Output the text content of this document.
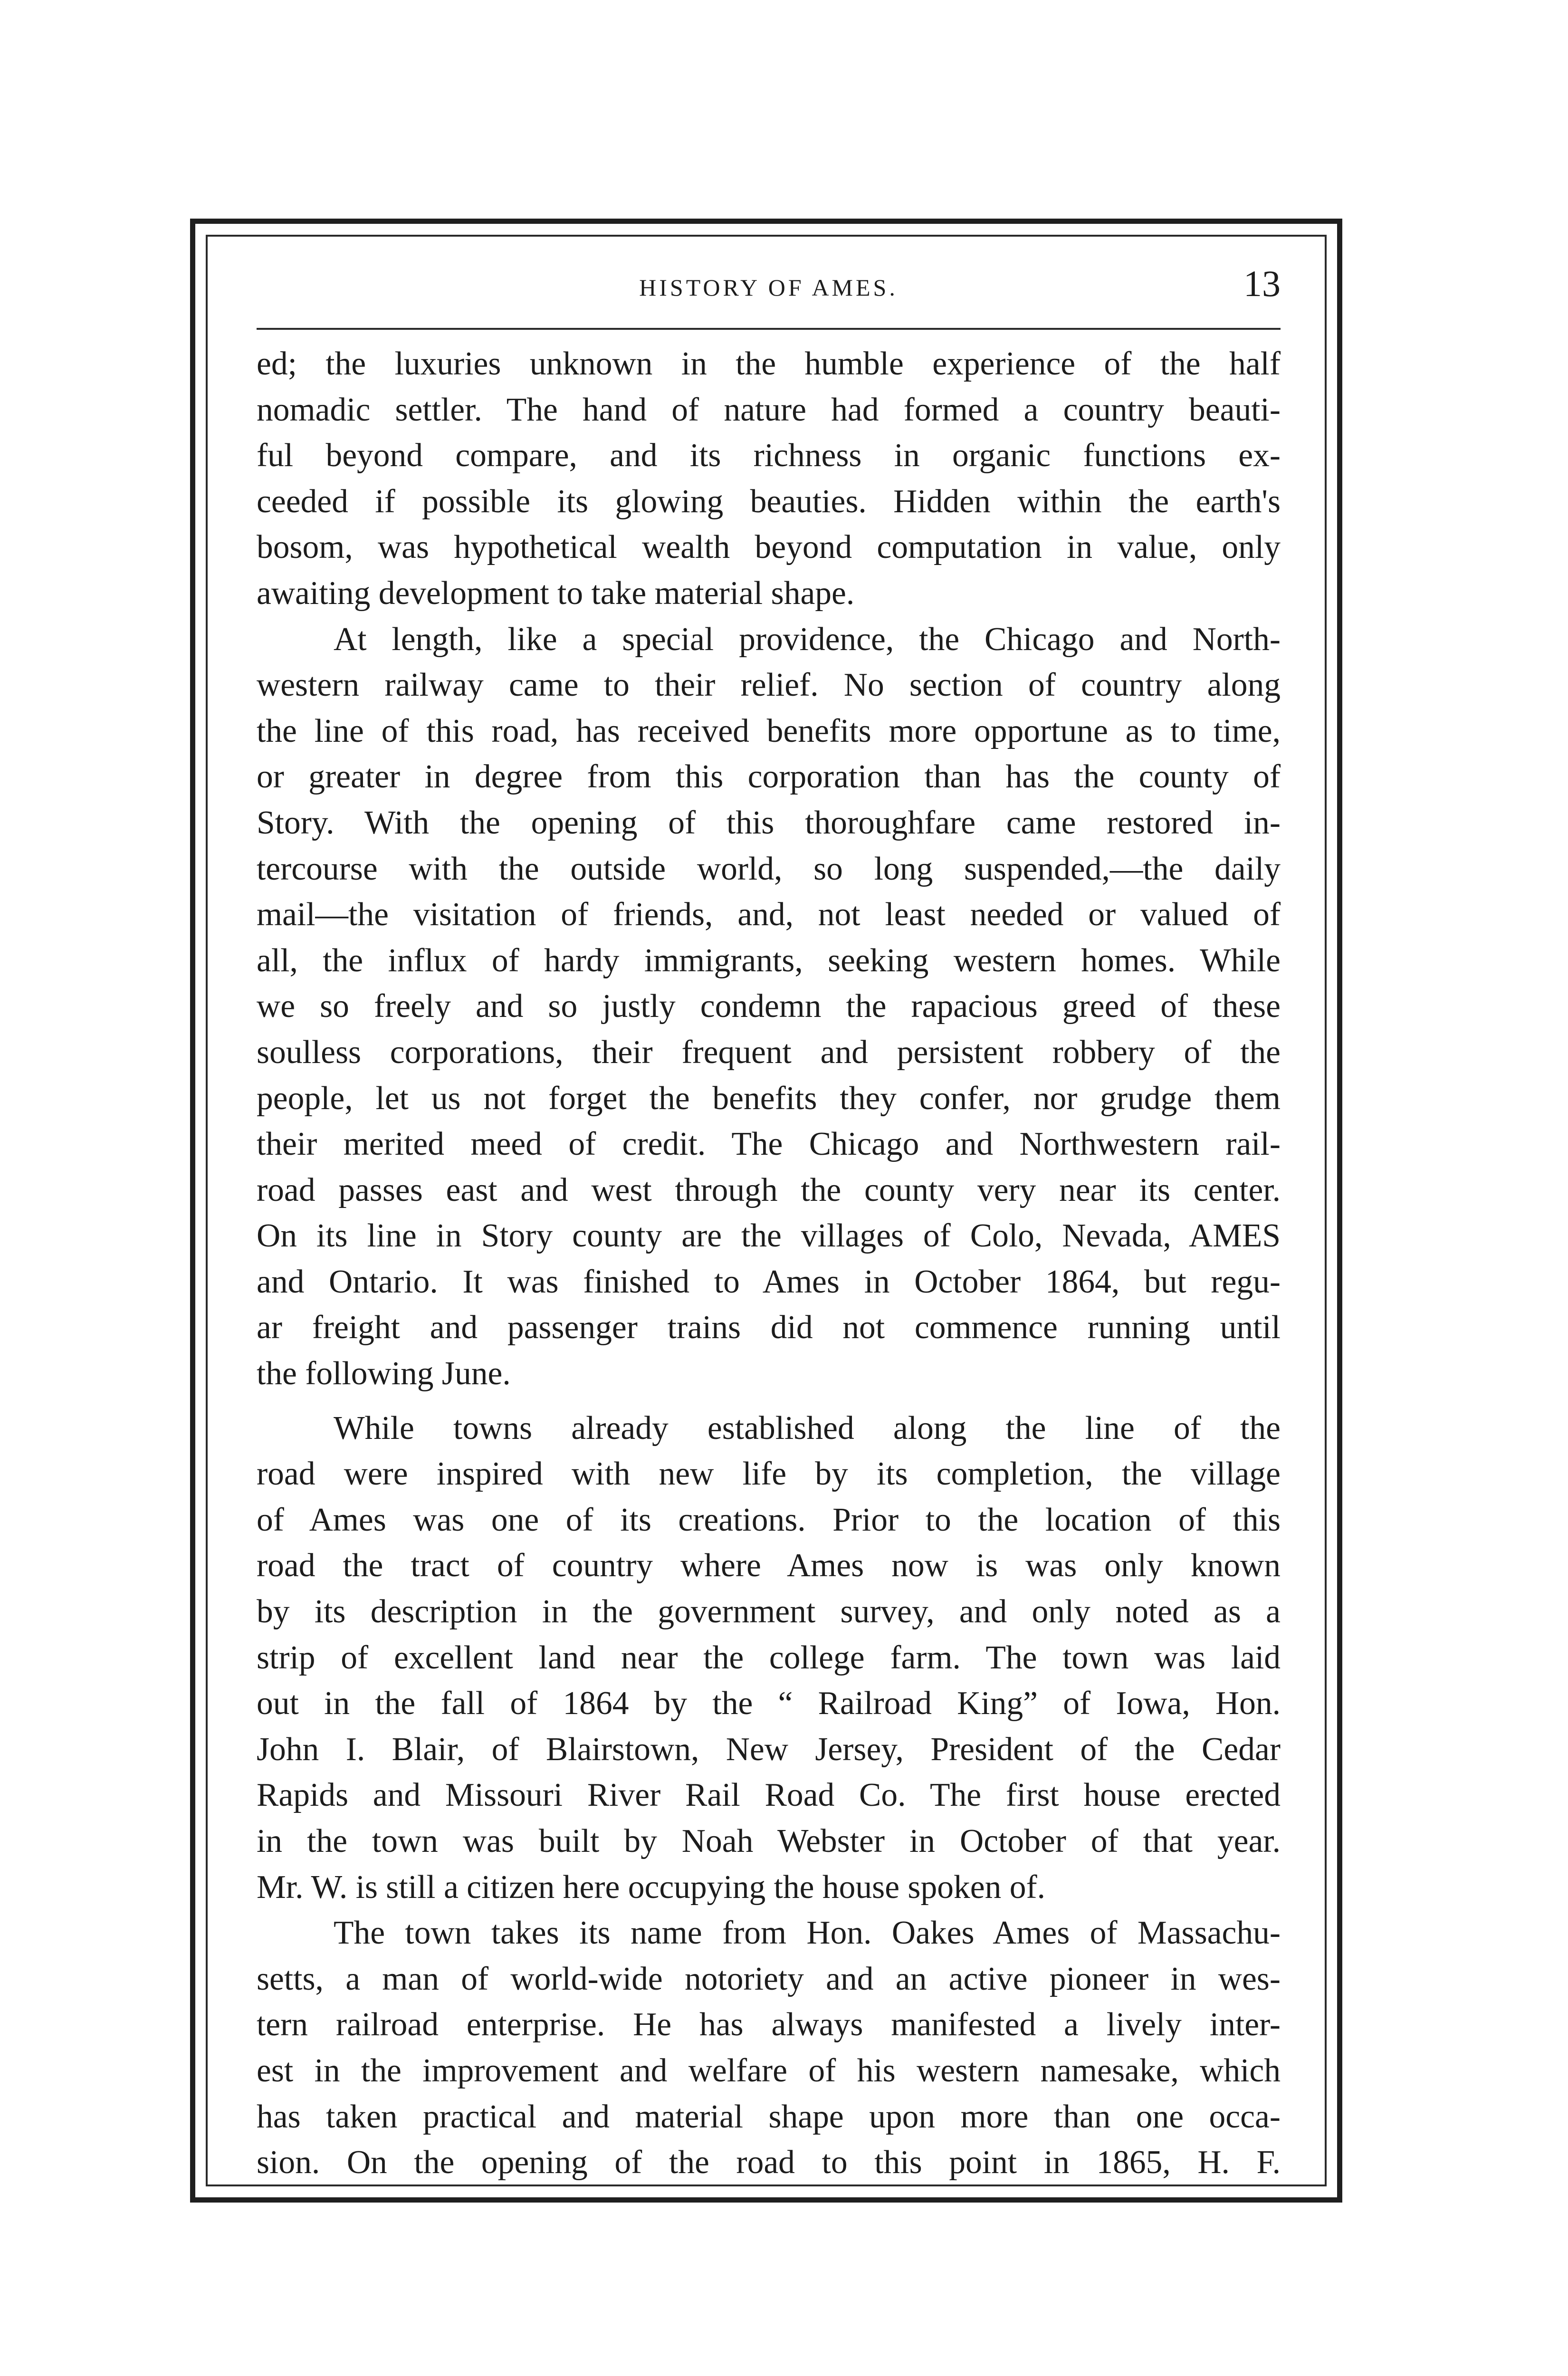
HISTORY OF AMES.	13
ed; the luxuries unknown in the humble experience of the half
nomadic settler. The hand of nature had formed a country beauti-
ful beyond compare, and its richness in organic functions ex-
ceeded if possible its glowing beauties. Hidden within the earth's
bosom, was hypothetical wealth beyond computation in value, only
awaiting development to take material shape.
At length, like a special providence, the Chicago and North-
western railway came to their relief. No section of country along
the line of this road, has received benefits more opportune as to time,
or greater in degree from this corporation than has the county of
Story. With the opening of this thoroughfare came restored in-
tercourse with the outside world, so long suspended,—the daily
mail—the visitation of friends, and, not least needed or valued of
all, the influx of hardy immigrants, seeking western homes. While
we so freely and so justly condemn the rapacious greed of these
soulless corporations, their frequent and persistent robbery of the
people, let us not forget the benefits they confer, nor grudge them
their merited meed of credit. The Chicago and Northwestern rail-
road passes east and west through the county very near its center.
On its line in Story county are the villages of Colo, Nevada, AMES
and Ontario. It was finished to Ames in October 1864, but regu-
ar freight and passenger trains did not commence running until
the following June.
While towns already established along the line of the
road were inspired with new life by its completion, the village
of Ames was one of its creations. Prior to the location of this
road the tract of country where Ames now is was only known
by its description in the government survey, and only noted as a
strip of excellent land near the college farm. The town was laid
out in the fall of 1864 by the “ Railroad King” of Iowa, Hon.
John I. Blair, of Blairstown, New Jersey, President of the Cedar
Rapids and Missouri River Rail Road Co. The first house erected
in the town was built by Noah Webster in October of that year.
Mr. W. is still a citizen here occupying the house spoken of.
The town takes its name from Hon. Oakes Ames of Massachu-
setts, a man of world-wide notoriety and an active pioneer in wes-
tern railroad enterprise. He has always manifested a lively inter-
est in the improvement and welfare of his western namesake, which
has taken practical and material shape upon more than one occa-
sion. On the opening of the road to this point in 1865, H. F.
